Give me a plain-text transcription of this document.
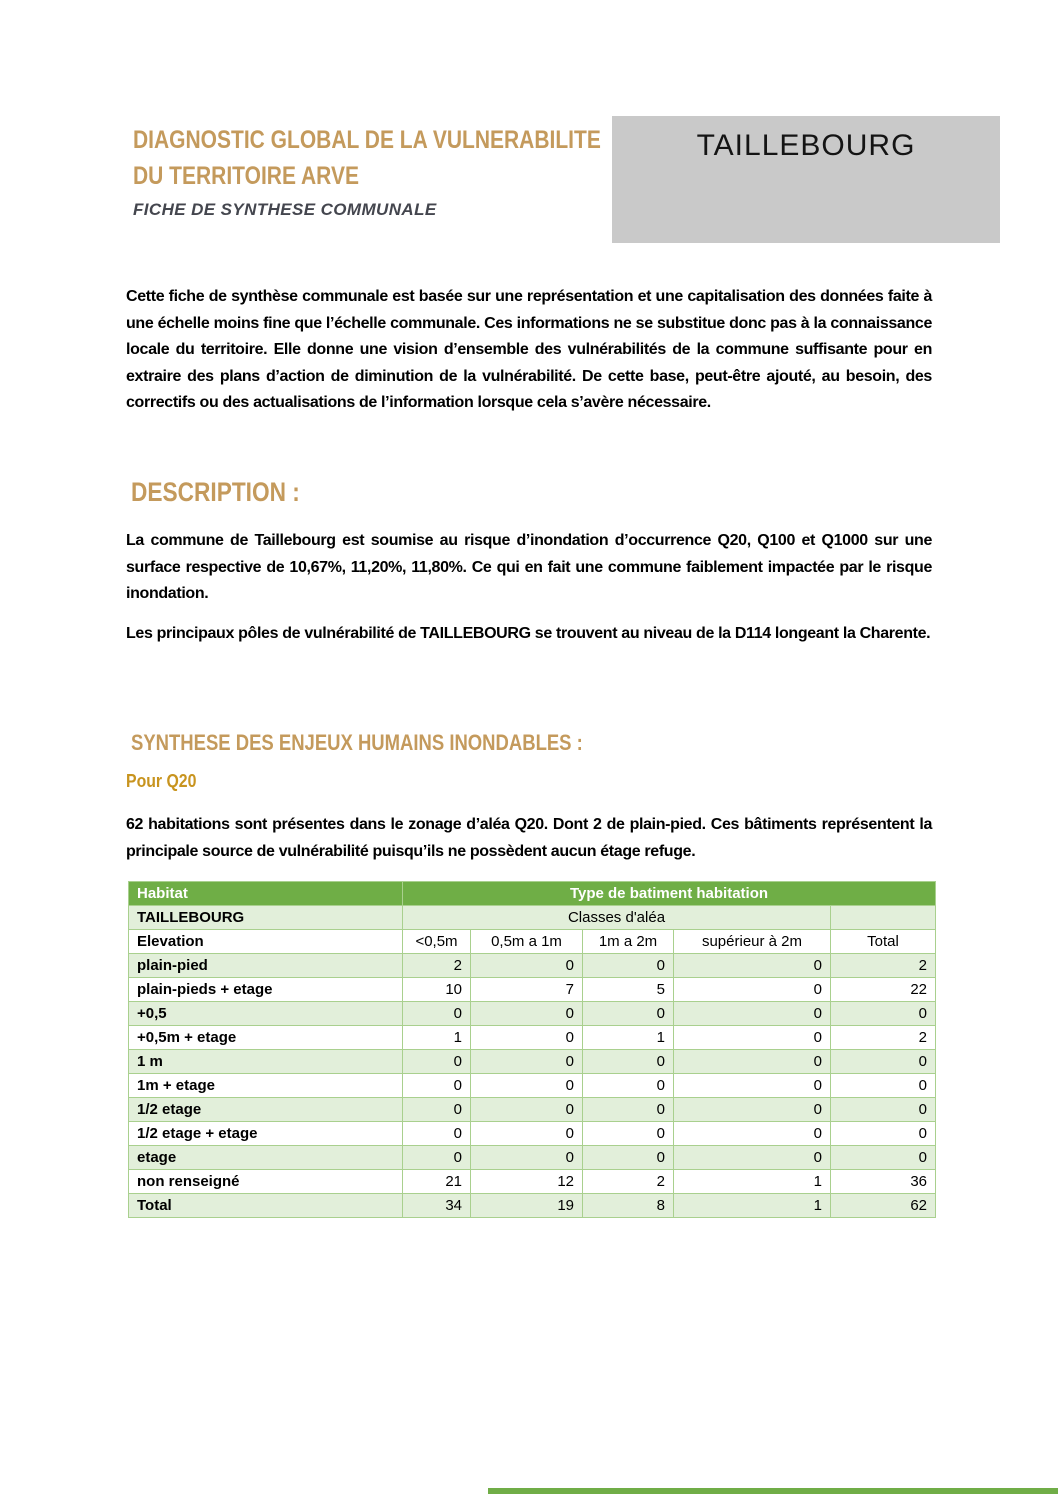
DIAGNOSTIC GLOBAL DE LA VULNERABILITE
DU TERRITOIRE ARVE
FICHE DE SYNTHESE COMMUNALE
TAILLEBOURG

Cette fiche de synthèse communale est basée sur une représentation et une capitalisation des données faite à une échelle moins fine que l’échelle communale. Ces informations ne se substitue donc pas à la connaissance locale du territoire. Elle donne une vision d’ensemble des vulnérabilités de la commune suffisante pour en extraire des plans d’action de diminution de la vulnérabilité. De cette base, peut-être ajouté, au besoin, des correctifs ou des actualisations de l’information lorsque cela s’avère nécessaire.

DESCRIPTION :

La commune de Taillebourg est soumise au risque d’inondation d’occurrence Q20, Q100 et Q1000 sur une surface respective de 10,67%, 11,20%, 11,80%. Ce qui en fait une commune faiblement impactée par le risque inondation.

Les principaux pôles de vulnérabilité de TAILLEBOURG se trouvent au niveau de la D114 longeant la Charente.

SYNTHESE DES ENJEUX HUMAINS INONDABLES :
Pour Q20

62 habitations sont présentes dans le zonage d’aléa Q20. Dont 2 de plain-pied. Ces bâtiments représentent la principale source de vulnérabilité puisqu’ils ne possèdent aucun étage refuge.

Habitat	Type de batiment habitation				
TAILLEBOURG	Classes d'aléa				
Elevation	<0,5m	0,5m a 1m	1m a 2m	supérieur à 2m	Total
plain-pied	2	0	0	0	2
plain-pieds + etage	10	7	5	0	22
+0,5	0	0	0	0	0
+0,5m + etage	1	0	1	0	2
1 m	0	0	0	0	0
1m + etage	0	0	0	0	0
1/2 etage	0	0	0	0	0
1/2 etage + etage	0	0	0	0	0
etage	0	0	0	0	0
non renseigné	21	12	2	1	36
Total	34	19	8	1	62
